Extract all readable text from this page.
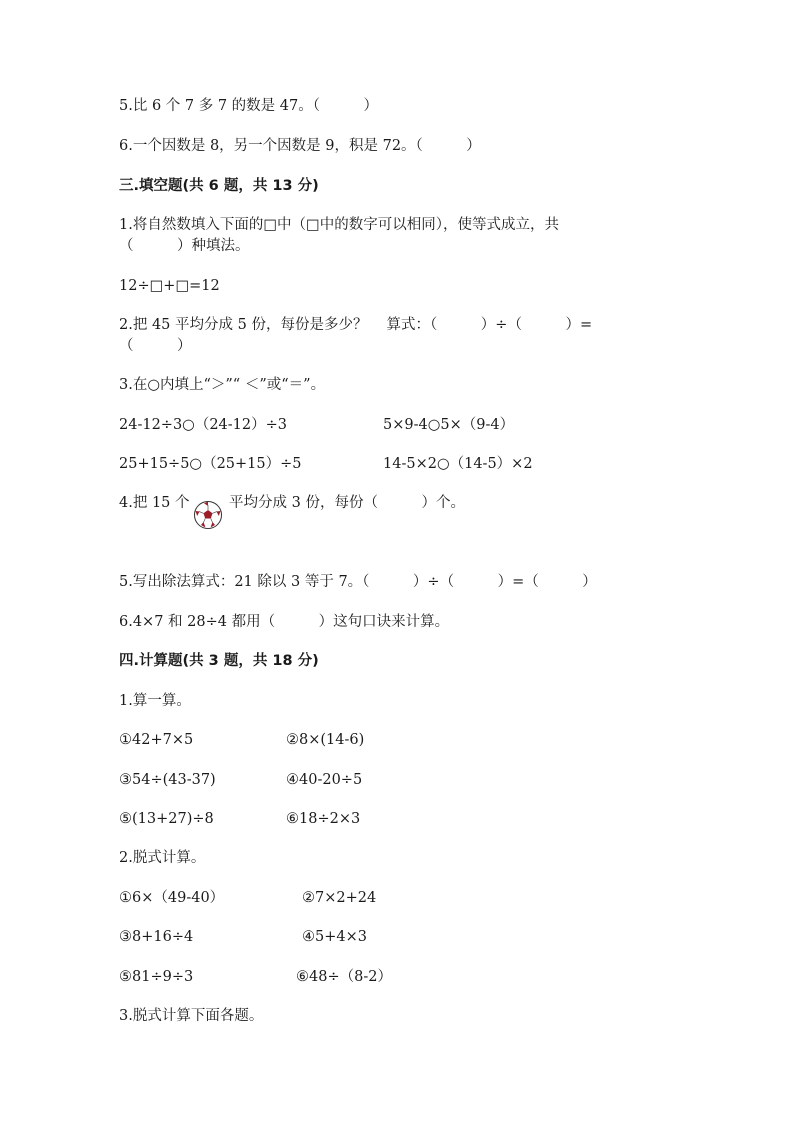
5.比 6 个 7 多 7 的数是 47。（　　　）
6.一个因数是 8，另一个因数是 9，积是 72。（　　　）
三.填空题(共 6 题，共 13 分)
1.将自然数填入下面的□中（□中的数字可以相同），使等式成立，共
（　　　）种填法。
12÷□+□=12
2.把 45 平均分成 5 份，每份是多少？　 算式：（　　　）÷（　　　）=
（　　　）
3.在○内填上“＞”“ ＜”或“＝”。
24-12÷3○（24-12）÷3	5×9-4○5×（9-4）
25+15÷5○（25+15）÷5	14-5×2○（14-5）×2
4.把 15 个	平均分成 3 份，每份（　　　）个。
5.写出除法算式：21 除以 3 等于 7。（　　　）÷（　　　）=（　　　）
6.4×7 和 28÷4 都用（　　　）这句口诀来计算。
四.计算题(共 3 题，共 18 分)
1.算一算。
①42+7×5	②8×(14-6)
③54÷(43-37)	④40-20÷5
⑤(13+27)÷8	⑥18÷2×3
2.脱式计算。
①6×（49-40）	②7×2+24
③8+16÷4	④5+4×3
⑤81÷9÷3	⑥48÷（8-2）
3.脱式计算下面各题。
